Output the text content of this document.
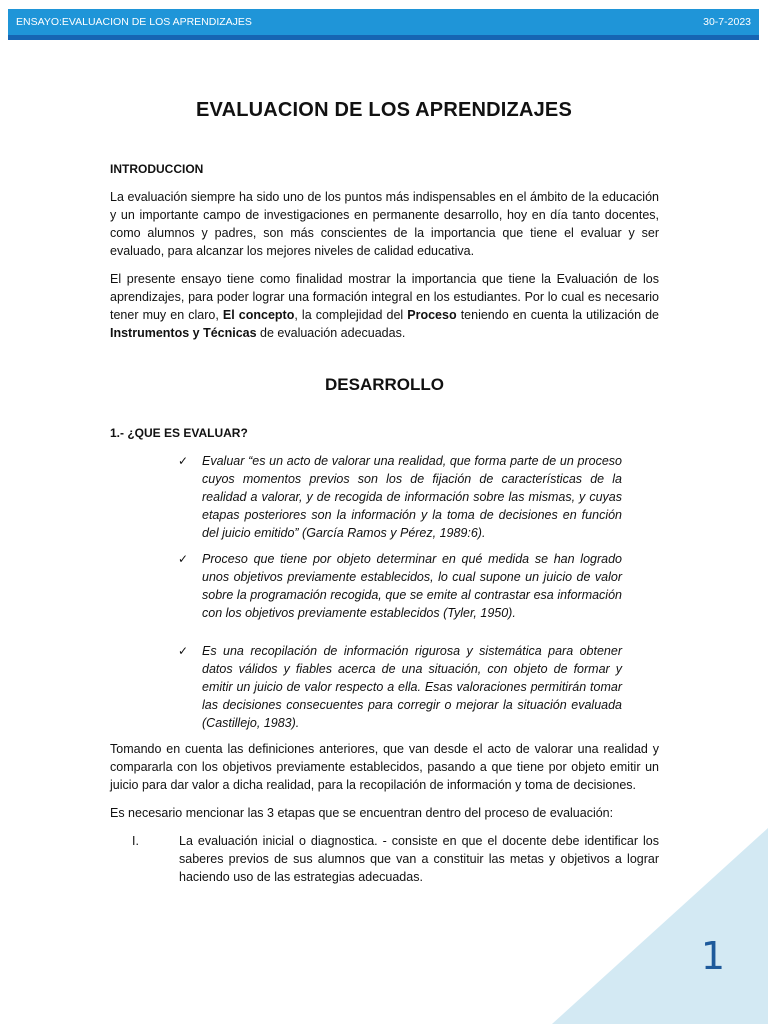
ENSAYO:EVALUACION DE LOS APRENDIZAJES	30-7-2023
EVALUACION DE LOS APRENDIZAJES
INTRODUCCION

La evaluación siempre ha sido uno de los puntos más indispensables en el ámbito de la educación y un importante campo de investigaciones en permanente desarrollo, hoy en día tanto docentes, como alumnos y padres, son más conscientes de la importancia que tiene el evaluar y ser evaluado, para alcanzar los mejores niveles de calidad educativa.

El presente ensayo tiene como finalidad mostrar la importancia que tiene la Evaluación de los aprendizajes, para poder lograr una formación integral en los estudiantes. Por lo cual es necesario tener muy en claro, El concepto, la complejidad del Proceso teniendo en cuenta la utilización de Instrumentos y Técnicas de evaluación adecuadas.

DESARROLLO
1.- ¿QUE ES EVALUAR?
✓	Evaluar “es un acto de valorar una realidad, que forma parte de un proceso cuyos momentos previos son los de fijación de características de la realidad a valorar, y de recogida de información sobre las mismas, y cuyas etapas posteriores son la información y la toma de decisiones en función del juicio emitido” (García Ramos y Pérez, 1989:6).
✓	Proceso que tiene por objeto determinar en qué medida se han logrado unos objetivos previamente establecidos, lo cual supone un juicio de valor sobre la programación recogida, que se emite al contrastar esa información con los objetivos previamente establecidos (Tyler, 1950).
✓	Es una recopilación de información rigurosa y sistemática para obtener datos válidos y fiables acerca de una situación, con objeto de formar y emitir un juicio de valor respecto a ella. Esas valoraciones permitirán tomar las decisiones consecuentes para corregir o mejorar la situación evaluada (Castillejo, 1983).

Tomando en cuenta las definiciones anteriores, que van desde el acto de valorar una realidad y compararla con los objetivos previamente establecidos, pasando a que tiene por objeto emitir un juicio para dar valor a dicha realidad, para la recopilación de información y toma de decisiones.

Es necesario mencionar las 3 etapas que se encuentran dentro del proceso de evaluación:

I.	La evaluación inicial o diagnostica. - consiste en que el docente debe identificar los saberes previos de sus alumnos que van a constituir las metas y objetivos a lograr haciendo uso de las estrategias adecuadas.
1
